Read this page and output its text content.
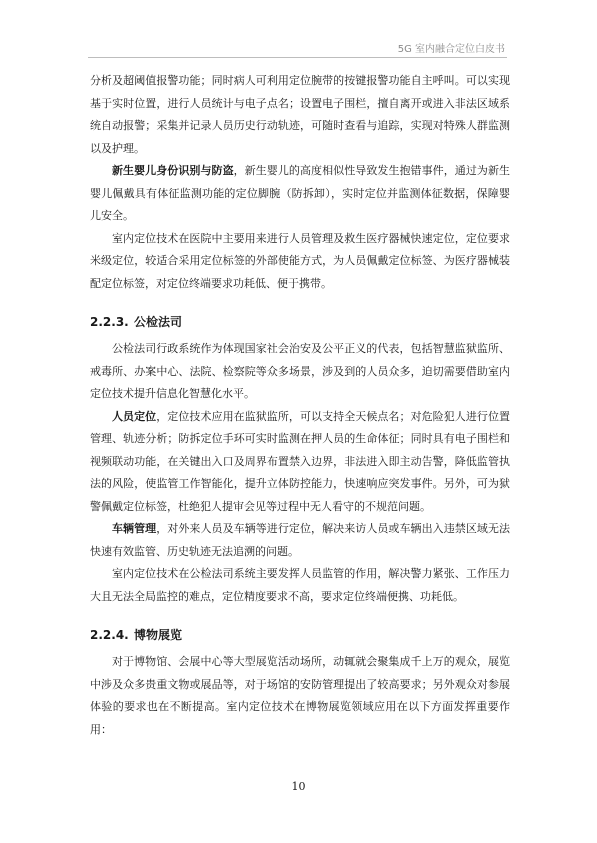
5G 室内融合定位白皮书

分析及超阈值报警功能；同时病人可利用定位腕带的按键报警功能自主呼叫。可以实现基于实时位置，进行人员统计与电子点名；设置电子围栏，擅自离开或进入非法区域系统自动报警；采集并记录人员历史行动轨迹，可随时查看与追踪，实现对特殊人群监测以及护理。

新生婴儿身份识别与防盗，新生婴儿的高度相似性导致发生抱错事件，通过为新生婴儿佩戴具有体征监测功能的定位脚腕（防拆卸），实时定位并监测体征数据，保障婴儿安全。

室内定位技术在医院中主要用来进行人员管理及救生医疗器械快速定位，定位要求米级定位，较适合采用定位标签的外部使能方式，为人员佩戴定位标签、为医疗器械装配定位标签，对定位终端要求功耗低、便于携带。

2.2.3. 公检法司

公检法司行政系统作为体现国家社会治安及公平正义的代表，包括智慧监狱监所、戒毒所、办案中心、法院、检察院等众多场景，涉及到的人员众多，迫切需要借助室内定位技术提升信息化智慧化水平。

人员定位，定位技术应用在监狱监所，可以支持全天候点名；对危险犯人进行位置管理、轨迹分析；防拆定位手环可实时监测在押人员的生命体征；同时具有电子围栏和视频联动功能，在关键出入口及周界布置禁入边界，非法进入即主动告警，降低监管执法的风险，使监管工作智能化，提升立体防控能力，快速响应突发事件。另外，可为狱警佩戴定位标签，杜绝犯人提审会见等过程中无人看守的不规范问题。

车辆管理，对外来人员及车辆等进行定位，解决来访人员或车辆出入违禁区域无法快速有效监管、历史轨迹无法追溯的问题。

室内定位技术在公检法司系统主要发挥人员监管的作用，解决警力紧张、工作压力大且无法全局监控的难点，定位精度要求不高，要求定位终端便携、功耗低。

2.2.4. 博物展览

对于博物馆、会展中心等大型展览活动场所，动辄就会聚集成千上万的观众，展览中涉及众多贵重文物或展品等，对于场馆的安防管理提出了较高要求；另外观众对参展体验的要求也在不断提高。室内定位技术在博物展览领域应用在以下方面发挥重要作用：

10
